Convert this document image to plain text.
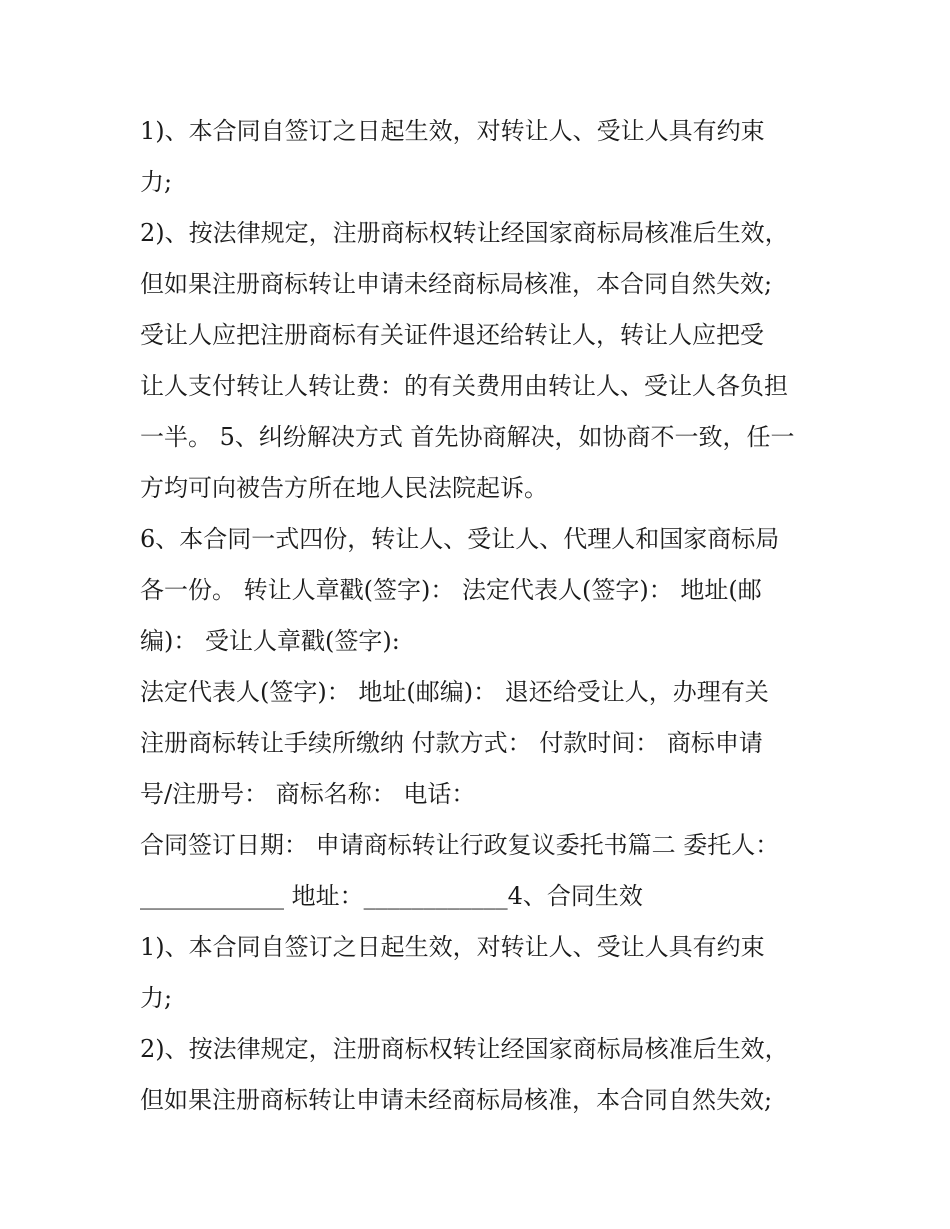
1)、本合同自签订之日起生效，对转让人、受让人具有约束
力;
2)、按法律规定，注册商标权转让经国家商标局核准后生效，
但如果注册商标转让申请未经商标局核准，本合同自然失效;
受让人应把注册商标有关证件退还给转让人，转让人应把受
让人支付转让人转让费：的有关费用由转让人、受让人各负担
一半。 5、纠纷解决方式 首先协商解决，如协商不一致，任一
方均可向被告方所在地人民法院起诉。
6、本合同一式四份，转让人、受让人、代理人和国家商标局
各一份。 转让人章戳(签字)： 法定代表人(签字)： 地址(邮
编)： 受让人章戳(签字):
法定代表人(签字)： 地址(邮编)： 退还给受让人，办理有关
注册商标转让手续所缴纳 付款方式： 付款时间： 商标申请
号/注册号： 商标名称： 电话：
合同签订日期： 申请商标转让行政复议委托书篇二 委托人：
____________ 地址：____________4、合同生效
1)、本合同自签订之日起生效，对转让人、受让人具有约束
力;
2)、按法律规定，注册商标权转让经国家商标局核准后生效，
但如果注册商标转让申请未经商标局核准，本合同自然失效;
